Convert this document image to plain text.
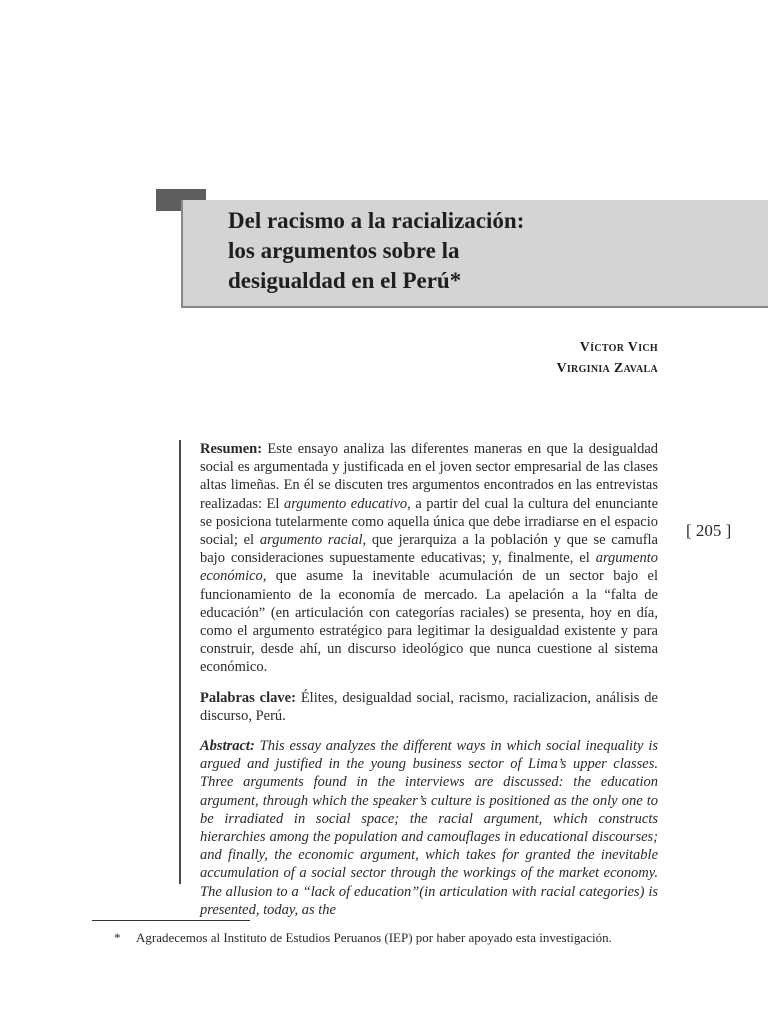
Del racismo a la racialización:
los argumentos sobre la
desigualdad en el Perú*
Víctor Vich
Virginia Zavala

Resumen: Este ensayo analiza las diferentes maneras en que la desigualdad social es argumentada y justificada en el joven sector empresarial de las clases altas limeñas. En él se discuten tres argumentos encontrados en las entrevistas realizadas: El argumento educativo, a partir del cual la cultura del enunciante se posiciona tutelarmente como aquella única que debe irradiarse en el espacio social; el argumento racial, que jerarquiza a la población y que se camufla bajo consideraciones supuestamente educativas; y, finalmente, el argumento económico, que asume la inevitable acumulación de un sector bajo el funcionamiento de la economía de mercado. La apelación a la “falta de educación” (en articulación con categorías raciales) se presenta, hoy en día, como el argumento estratégico para legitimar la desigualdad existente y para construir, desde ahí, un discurso ideológico que nunca cuestione al sistema económico.

Palabras clave: Élites, desigualdad social, racismo, racializacion, análisis de discurso, Perú.

Abstract: This essay analyzes the different ways in which social inequality is argued and justified in the young business sector of Lima’s upper classes. Three arguments found in the interviews are discussed: the education argument, through which the speaker’s culture is positioned as the only one to be irradiated in social space; the racial argument, which constructs hierarchies among the population and camouflages in educational discourses; and finally, the economic argument, which takes for granted the inevitable accumulation of a social sector through the workings of the market economy. The allusion to a “lack of education”(in articulation with racial categories) is presented, today, as the

[ 205 ]
* Agradecemos al Instituto de Estudios Peruanos (IEP) por haber apoyado esta investigación.
